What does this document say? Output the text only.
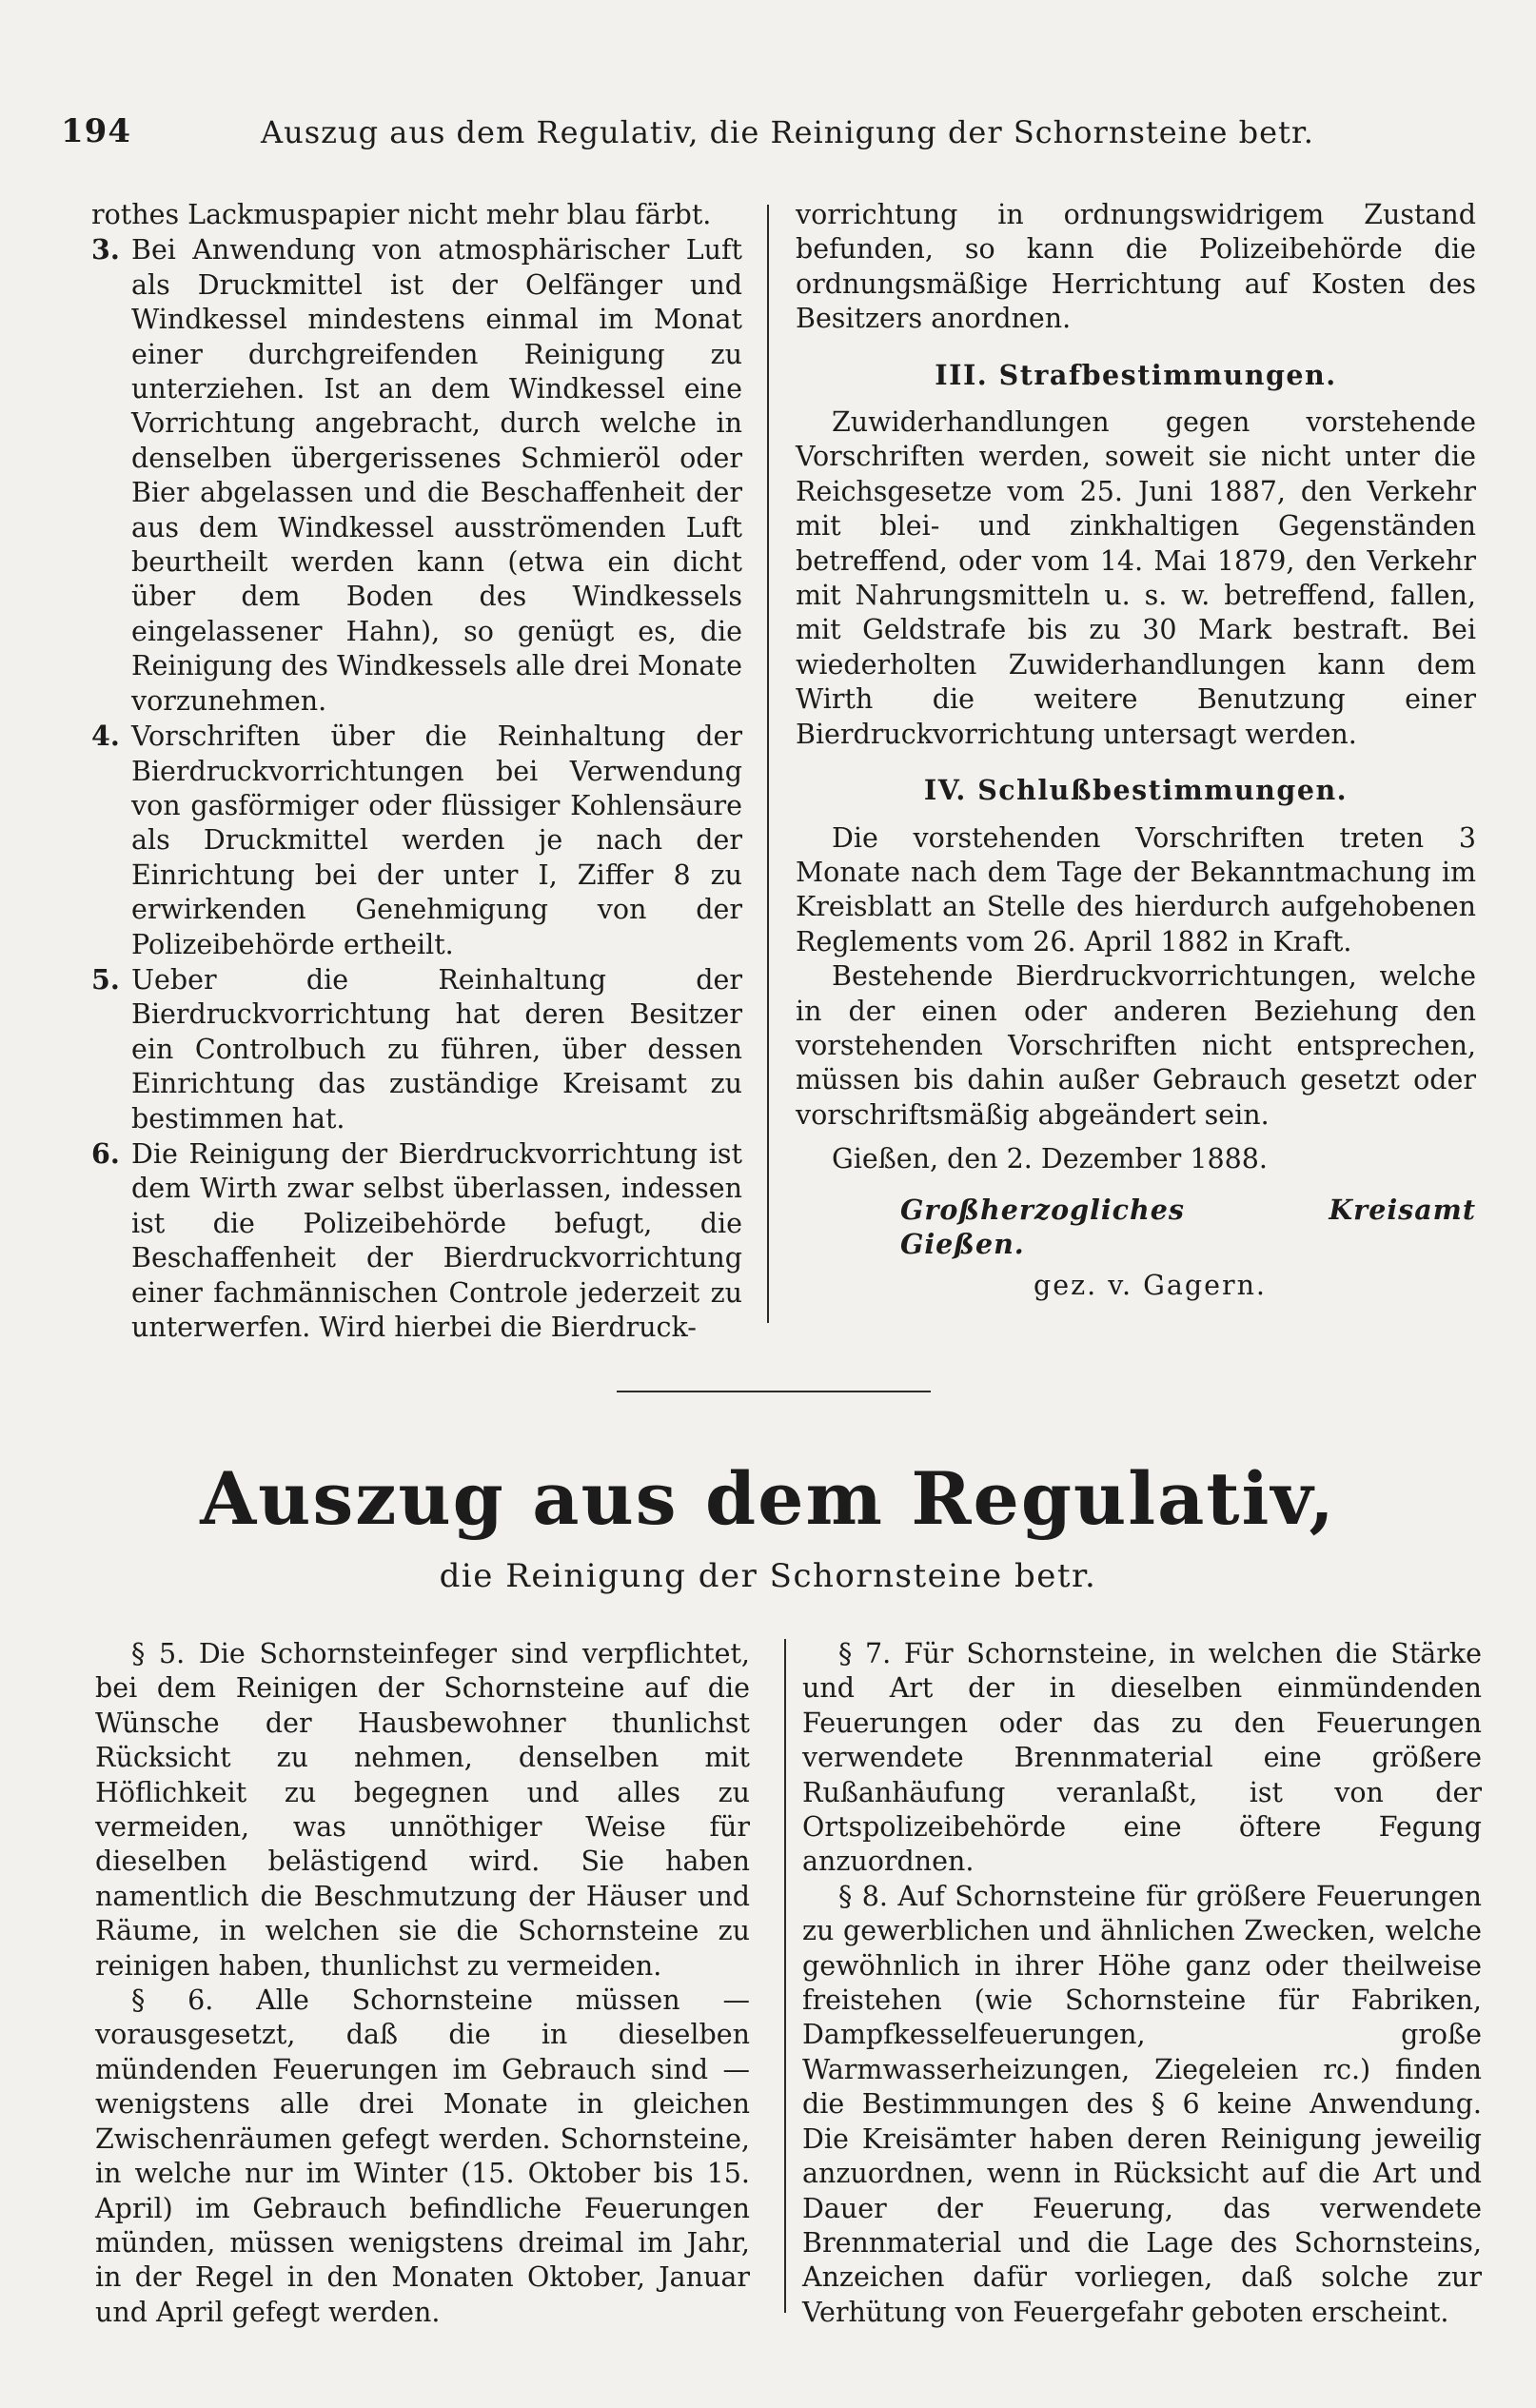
194	Auszug aus dem Regulativ, die Reinigung der Schornsteine betr.

rothes Lackmuspapier nicht mehr blau färbt.

3. Bei Anwendung von atmosphärischer Luft als Druckmittel ist der Oelfänger und Windkessel mindestens einmal im Monat einer durchgreifenden Reinigung zu unterziehen. Ist an dem Windkessel eine Vorrichtung angebracht, durch welche in denselben übergerissenes Schmieröl oder Bier abgelassen und die Beschaffenheit der aus dem Windkessel ausströmenden Luft beurtheilt werden kann (etwa ein dicht über dem Boden des Windkessels eingelassener Hahn), so genügt es, die Reinigung des Windkessels alle drei Monate vorzunehmen.

4. Vorschriften über die Reinhaltung der Bierdruckvorrichtungen bei Verwendung von gasförmiger oder flüssiger Kohlensäure als Druckmittel werden je nach der Einrichtung bei der unter I, Ziffer 8 zu erwirkenden Genehmigung von der Polizeibehörde ertheilt.

5. Ueber die Reinhaltung der Bierdruckvorrichtung hat deren Besitzer ein Controlbuch zu führen, über dessen Einrichtung das zuständige Kreisamt zu bestimmen hat.

6. Die Reinigung der Bierdruckvorrichtung ist dem Wirth zwar selbst überlassen, indessen ist die Polizeibehörde befugt, die Beschaffenheit der Bierdruckvorrichtung einer fachmännischen Controle jederzeit zu unterwerfen. Wird hierbei die Bierdruck-

vorrichtung in ordnungswidrigem Zustand befunden, so kann die Polizeibehörde die ordnungsmäßige Herrichtung auf Kosten des Besitzers anordnen.

III. Strafbestimmungen.

Zuwiderhandlungen gegen vorstehende Vorschriften werden, soweit sie nicht unter die Reichsgesetze vom 25. Juni 1887, den Verkehr mit blei- und zinkhaltigen Gegenständen betreffend, oder vom 14. Mai 1879, den Verkehr mit Nahrungsmitteln u. s. w. betreffend, fallen, mit Geldstrafe bis zu 30 Mark bestraft. Bei wiederholten Zuwiderhandlungen kann dem Wirth die weitere Benutzung einer Bierdruckvorrichtung untersagt werden.

IV. Schlußbestimmungen.

Die vorstehenden Vorschriften treten 3 Monate nach dem Tage der Bekanntmachung im Kreisblatt an Stelle des hierdurch aufgehobenen Reglements vom 26. April 1882 in Kraft.

Bestehende Bierdruckvorrichtungen, welche in der einen oder anderen Beziehung den vorstehenden Vorschriften nicht entsprechen, müssen bis dahin außer Gebrauch gesetzt oder vorschriftsmäßig abgeändert sein.

Gießen, den 2. Dezember 1888.

Großherzogliches Kreisamt Gießen.

gez. v. Gagern.

Auszug aus dem Regulativ,
die Reinigung der Schornsteine betr.

§ 5. Die Schornsteinfeger sind verpflichtet, bei dem Reinigen der Schornsteine auf die Wünsche der Hausbewohner thunlichst Rücksicht zu nehmen, denselben mit Höflichkeit zu begegnen und alles zu vermeiden, was unnöthiger Weise für dieselben belästigend wird. Sie haben namentlich die Beschmutzung der Häuser und Räume, in welchen sie die Schornsteine zu reinigen haben, thunlichst zu vermeiden.

§ 6. Alle Schornsteine müssen — vorausgesetzt, daß die in dieselben mündenden Feuerungen im Gebrauch sind — wenigstens alle drei Monate in gleichen Zwischenräumen gefegt werden. Schornsteine, in welche nur im Winter (15. Oktober bis 15. April) im Gebrauch befindliche Feuerungen münden, müssen wenigstens dreimal im Jahr, in der Regel in den Monaten Oktober, Januar und April gefegt werden.

§ 7. Für Schornsteine, in welchen die Stärke und Art der in dieselben einmündenden Feuerungen oder das zu den Feuerungen verwendete Brennmaterial eine größere Rußanhäufung veranlaßt, ist von der Ortspolizeibehörde eine öftere Fegung anzuordnen.

§ 8. Auf Schornsteine für größere Feuerungen zu gewerblichen und ähnlichen Zwecken, welche gewöhnlich in ihrer Höhe ganz oder theilweise freistehen (wie Schornsteine für Fabriken, Dampfkesselfeuerungen, große Warmwasserheizungen, Ziegeleien rc.) finden die Bestimmungen des § 6 keine Anwendung. Die Kreisämter haben deren Reinigung jeweilig anzuordnen, wenn in Rücksicht auf die Art und Dauer der Feuerung, das verwendete Brennmaterial und die Lage des Schornsteins, Anzeichen dafür vorliegen, daß solche zur Verhütung von Feuergefahr geboten erscheint.
